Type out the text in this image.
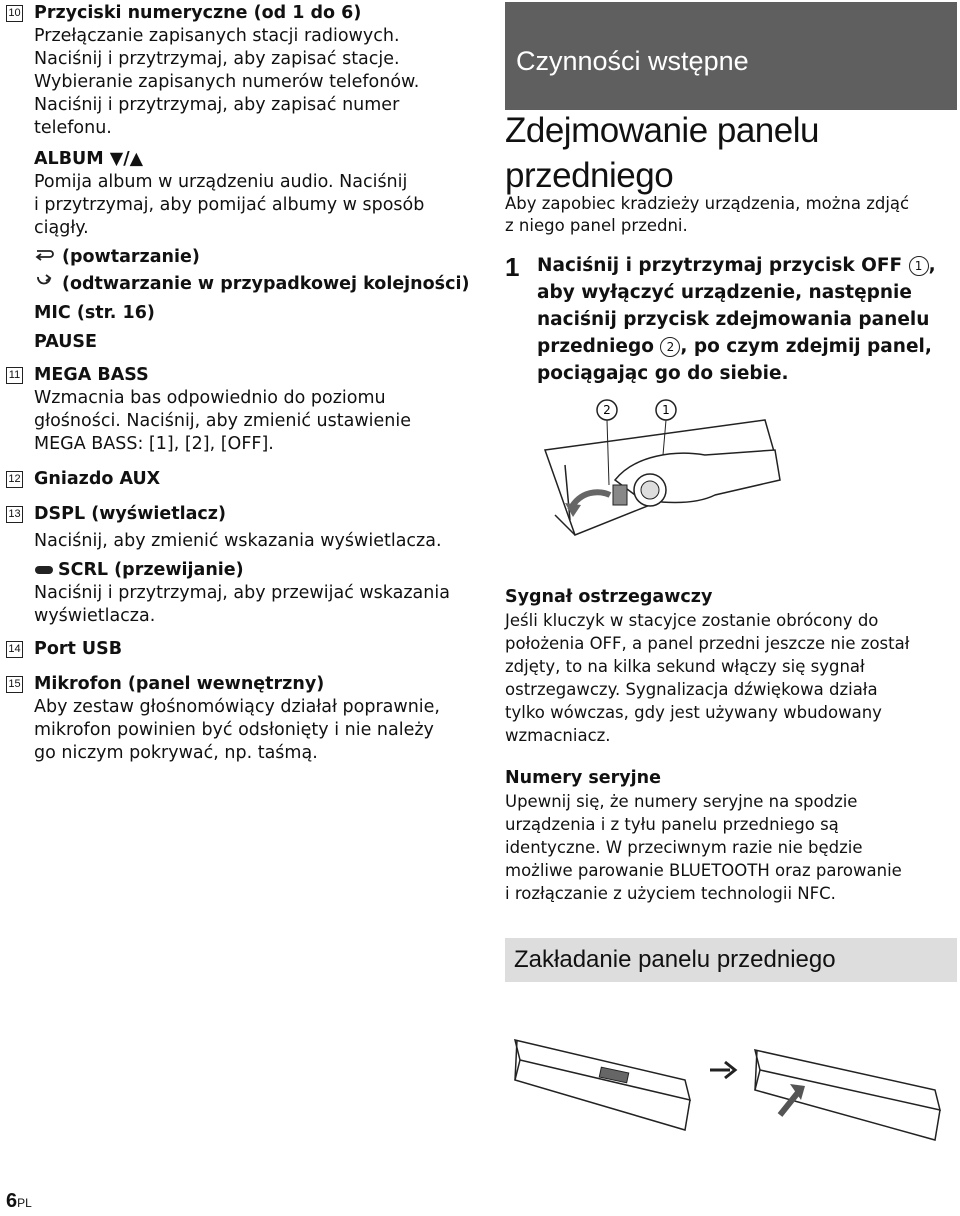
10 Przyciski numeryczne (od 1 do 6)
Przełączanie zapisanych stacji radiowych.
Naciśnij i przytrzymaj, aby zapisać stacje.
Wybieranie zapisanych numerów telefonów.
Naciśnij i przytrzymaj, aby zapisać numer
telefonu.
ALBUM ▼/▲
Pomija album w urządzeniu audio. Naciśnij
i przytrzymaj, aby pomijać albumy w sposób
ciągły.
(powtarzanie)
(odtwarzanie w przypadkowej kolejności)
MIC (str. 16)
PAUSE
11 MEGA BASS
Wzmacnia bas odpowiednio do poziomu
głośności. Naciśnij, aby zmienić ustawienie
MEGA BASS: [1], [2], [OFF].
12 Gniazdo AUX
13 DSPL (wyświetlacz)
Naciśnij, aby zmienić wskazania wyświetlacza.
SCRL (przewijanie)
Naciśnij i przytrzymaj, aby przewijać wskazania
wyświetlacza.
14 Port USB
15 Mikrofon (panel wewnętrzny)
Aby zestaw głośnomówiący działał poprawnie,
mikrofon powinien być odsłonięty i nie należy
go niczym pokrywać, np. taśmą.
Czynności wstępne
Zdejmowanie panelu
przedniego
Aby zapobiec kradzieży urządzenia, można zdjąć
z niego panel przedni.
1 Naciśnij i przytrzymaj przycisk OFF 1 , aby wyłączyć urządzenie, następnie naciśnij przycisk zdejmowania panelu przedniego 2 , po czym zdejmij panel, pociągając go do siebie.
2	1
Sygnał ostrzegawczy
Jeśli kluczyk w stacyjce zostanie obrócony do
położenia OFF, a panel przedni jeszcze nie został
zdjęty, to na kilka sekund włączy się sygnał
ostrzegawczy. Sygnalizacja dźwiękowa działa
tylko wówczas, gdy jest używany wbudowany
wzmacniacz.
Numery seryjne
Upewnij się, że numery seryjne na spodzie
urządzenia i z tyłu panelu przedniego są
identyczne. W przeciwnym razie nie będzie
możliwe parowanie BLUETOOTH oraz parowanie
i rozłączanie z użyciem technologii NFC.
Zakładanie panelu przedniego
6PL
